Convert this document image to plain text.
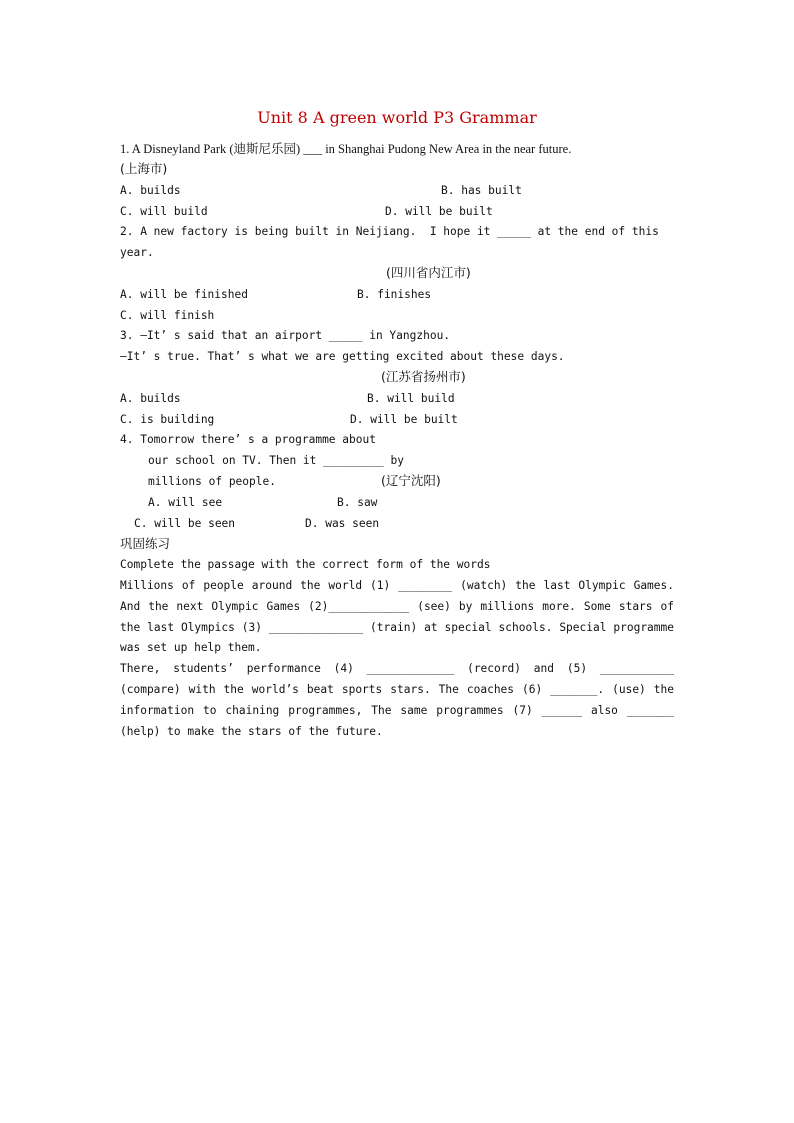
Unit 8 A green world P3 Grammar
1. A Disneyland Park (迪斯尼乐园) ___ in Shanghai Pudong New Area in the near future.
(上海市)
A. builds	B. has built
C. will build	D. will be built
2. A new factory is being built in Neijiang.  I hope it _____ at the end of this
year.
(四川省内江市)
A. will be finished	B. finishes
C. will finish
3. —It’ s said that an airport _____ in Yangzhou.
—It’ s true. That’ s what we are getting excited about these days.
(江苏省扬州市)
A. builds	B. will build
C. is building	D. will be built
4. Tomorrow there’ s a programme about
our school on TV. Then it _________ by
millions of people.	(辽宁沈阳)
A. will see	B. saw
C. will be seen	D. was seen
巩固练习
Complete the passage with the correct form of the words
Millions of people around the world (1) ________ (watch) the last Olympic Games.
And the next Olympic Games (2)____________ (see) by millions more. Some stars of
the last Olympics (3) ______________ (train) at special schools. Special programme
was set up help them.
There, students’ performance (4) _____________ (record) and (5) ___________
(compare) with the world’s beat sports stars. The coaches (6) _______. (use) the
information to chaining programmes, The same programmes (7) ______ also _______
(help) to make the stars of the future.
